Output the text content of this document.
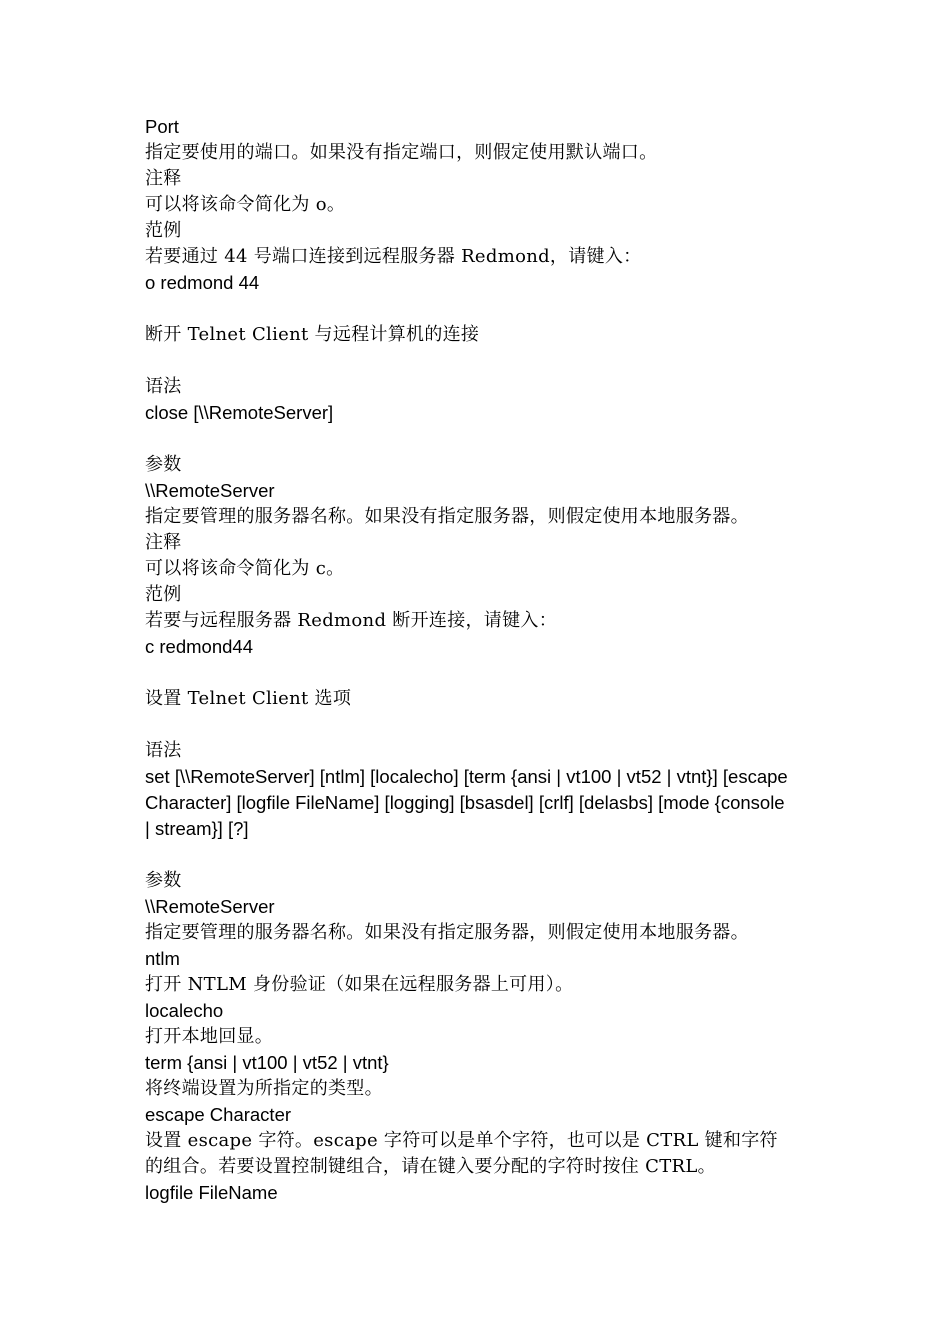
Port
指定要使用的端口。如果没有指定端口，则假定使用默认端口。
注释
可以将该命令简化为 o。
范例
若要通过 44 号端口连接到远程服务器 Redmond，请键入：
o redmond 44
断开 Telnet Client 与远程计算机的连接
语法
close [\\RemoteServer]
参数
\\RemoteServer
指定要管理的服务器名称。如果没有指定服务器，则假定使用本地服务器。
注释
可以将该命令简化为 c。
范例
若要与远程服务器 Redmond 断开连接，请键入：
c redmond44
设置 Telnet Client 选项
语法
set [\\RemoteServer] [ntlm] [localecho] [term {ansi | vt100 | vt52 | vtnt}] [escape
Character] [logfile FileName] [logging] [bsasdel] [crlf] [delasbs] [mode {console
| stream}] [?]
参数
\\RemoteServer
指定要管理的服务器名称。如果没有指定服务器，则假定使用本地服务器。
ntlm
打开 NTLM 身份验证（如果在远程服务器上可用）。
localecho
打开本地回显。
term {ansi | vt100 | vt52 | vtnt}
将终端设置为所指定的类型。
escape Character
设置 escape 字符。escape 字符可以是单个字符，也可以是 CTRL 键和字符
的组合。若要设置控制键组合，请在键入要分配的字符时按住 CTRL。
logfile FileName
